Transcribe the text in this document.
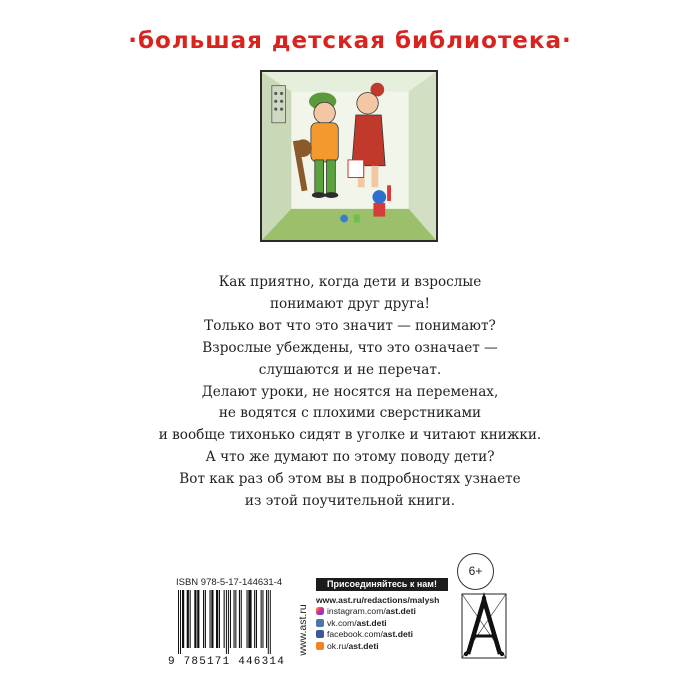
·большая детская библиотека·
Как приятно, когда дети и взрослые
понимают друг друга!
Только вот что это значит — понимают?
Взрослые убеждены, что это означает —
слушаются и не перечат.
Делают уроки, не носятся на переменах,
не водятся с плохими сверстниками
и вообще тихонько сидят в уголке и читают книжки.
А что же думают по этому поводу дети?
Вот как раз об этом вы в подробностях узнаете
из этой поучительной книги.
ISBN 978-5-17-144631-4
9 785171 446314
www.ast.ru
Присоединяйтесь к нам!
www.ast.ru/redactions/malysh
instagram.com/ ast.deti
vk.com/ ast.deti
facebook.com/ ast.deti
ok.ru/ ast.deti
6+
